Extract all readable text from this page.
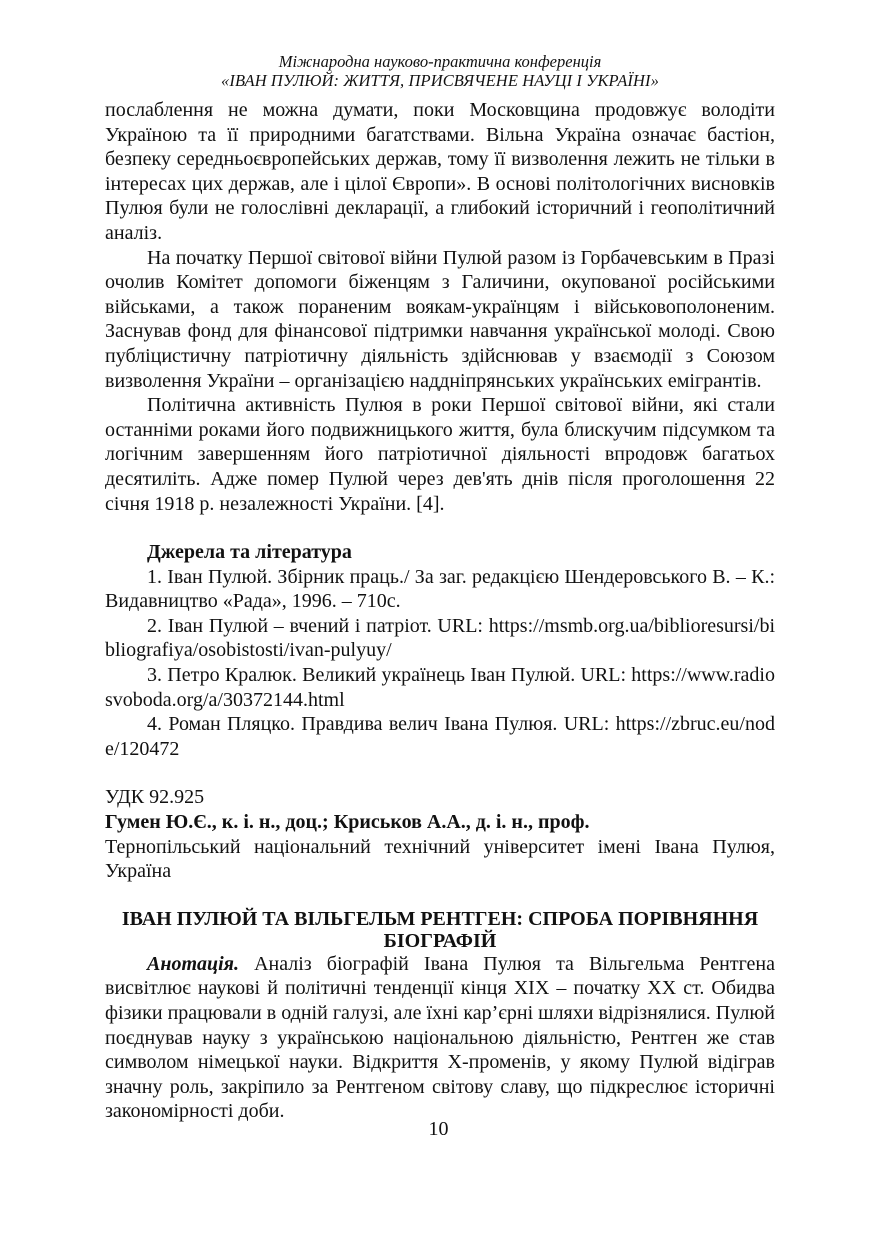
Міжнародна науково-практична конференція
«ІВАН ПУЛЮЙ: ЖИТТЯ, ПРИСВЯЧЕНЕ НАУЦІ І УКРАЇНІ»

послаблення не можна думати, поки Московщина продовжує володіти Україною та її природними багатствами. Вільна Україна означає бастіон, безпеку середньоєвропейських держав, тому її визволення лежить не тільки в інтересах цих держав, але і цілої Європи». В основі політологічних висновків Пулюя були не голослівні декларації, а глибокий історичний і геополітичний аналіз.

На початку Першої світової війни Пулюй разом із Горбачевським в Празі очолив Комітет допомоги біженцям з Галичини, окупованої російськими військами, а також пораненим воякам-українцям і військовополоненим. Заснував фонд для фінансової підтримки навчання української молоді. Свою публіцистичну патріотичну діяльність здійснював у взаємодії з Союзом визволення України – організацією наддніпрянських українських емігрантів.

Політична активність Пулюя в роки Першої світової війни, які стали останніми роками його подвижницького життя, була блискучим підсумком та логічним завершенням його патріотичної діяльності впродовж багатьох десятиліть. Адже помер Пулюй через дев'ять днів після проголошення 22 січня 1918 р. незалежності України. [4].

Джерела та література

1. Іван Пулюй. Збірник праць./ За заг. редакцією Шендеровського В. – К.: Видавництво «Рада», 1996. – 710с.

2. Іван Пулюй – вчений і патріот. URL: https://msmb.org.ua/biblioresursi/bibliografiya/osobistosti/ivan-pulyuy/

3. Петро Кралюк. Великий українець Іван Пулюй. URL: https://www.radiosvoboda.org/a/30372144.html

4. Роман Пляцко. Правдива велич Івана Пулюя. URL: https://zbruc.eu/node/120472

УДК 92.925
Гумен Ю.Є., к. і. н., доц.; Криськов А.А., д. і. н., проф.

Тернопільський національний технічний університет імені Івана Пулюя, Україна

ІВАН ПУЛЮЙ ТА ВІЛЬГЕЛЬМ РЕНТГЕН: СПРОБА ПОРІВНЯННЯ БІОГРАФІЙ

Анотація. Аналіз біографій Івана Пулюя та Вільгельма Рентгена висвітлює наукові й політичні тенденції кінця XIX – початку XX ст. Обидва фізики працювали в одній галузі, але їхні кар’єрні шляхи відрізнялися. Пулюй поєднував науку з українською національною діяльністю, Рентген же став символом німецької науки. Відкриття X-променів, у якому Пулюй відіграв значну роль, закріпило за Рентгеном світову славу, що підкреслює історичні закономірності доби.

10
